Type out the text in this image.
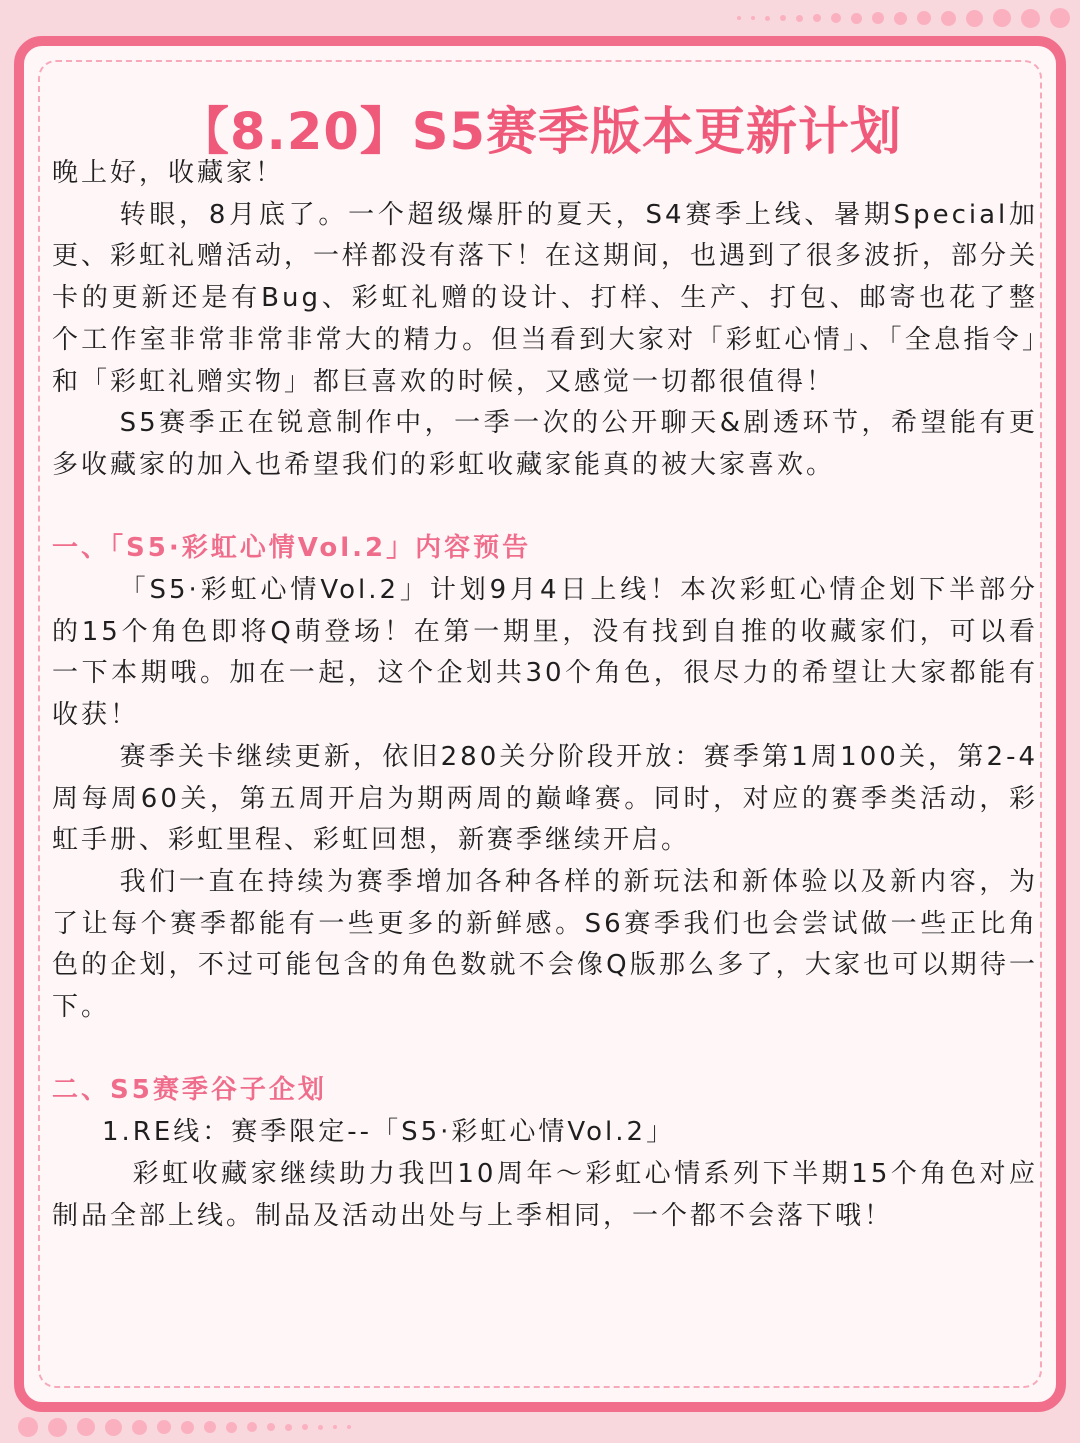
【8.20】S5赛季版本更新计划

晚上好，收藏家！

转眼，8月底了。一个超级爆肝的夏天，S4赛季上线、暑期Special加更、彩虹礼赠活动，一样都没有落下！在这期间，也遇到了很多波折，部分关卡的更新还是有Bug、彩虹礼赠的设计、打样、生产、打包、邮寄也花了整个工作室非常非常非常大的精力。但当看到大家对「彩虹心情」、「全息指令」和「彩虹礼赠实物」都巨喜欢的时候，又感觉一切都很值得！

S5赛季正在锐意制作中，一季一次的公开聊天&剧透环节，希望能有更多收藏家的加入也希望我们的彩虹收藏家能真的被大家喜欢。

一、「S5·彩虹心情Vol.2」内容预告

「S5·彩虹心情Vol.2」计划9月4日上线！本次彩虹心情企划下半部分的15个角色即将Q萌登场！在第一期里，没有找到自推的收藏家们，可以看一下本期哦。加在一起，这个企划共30个角色，很尽力的希望让大家都能有收获！

赛季关卡继续更新，依旧280关分阶段开放：赛季第1周100关，第2-4周每周60关，第五周开启为期两周的巅峰赛。同时，对应的赛季类活动，彩虹手册、彩虹里程、彩虹回想，新赛季继续开启。

我们一直在持续为赛季增加各种各样的新玩法和新体验以及新内容，为了让每个赛季都能有一些更多的新鲜感。S6赛季我们也会尝试做一些正比角色的企划，不过可能包含的角色数就不会像Q版那么多了，大家也可以期待一下。

二、S5赛季谷子企划

1.RE线：赛季限定--「S5·彩虹心情Vol.2」

彩虹收藏家继续助力我凹10周年～彩虹心情系列下半期15个角色对应制品全部上线。制品及活动出处与上季相同，一个都不会落下哦！
